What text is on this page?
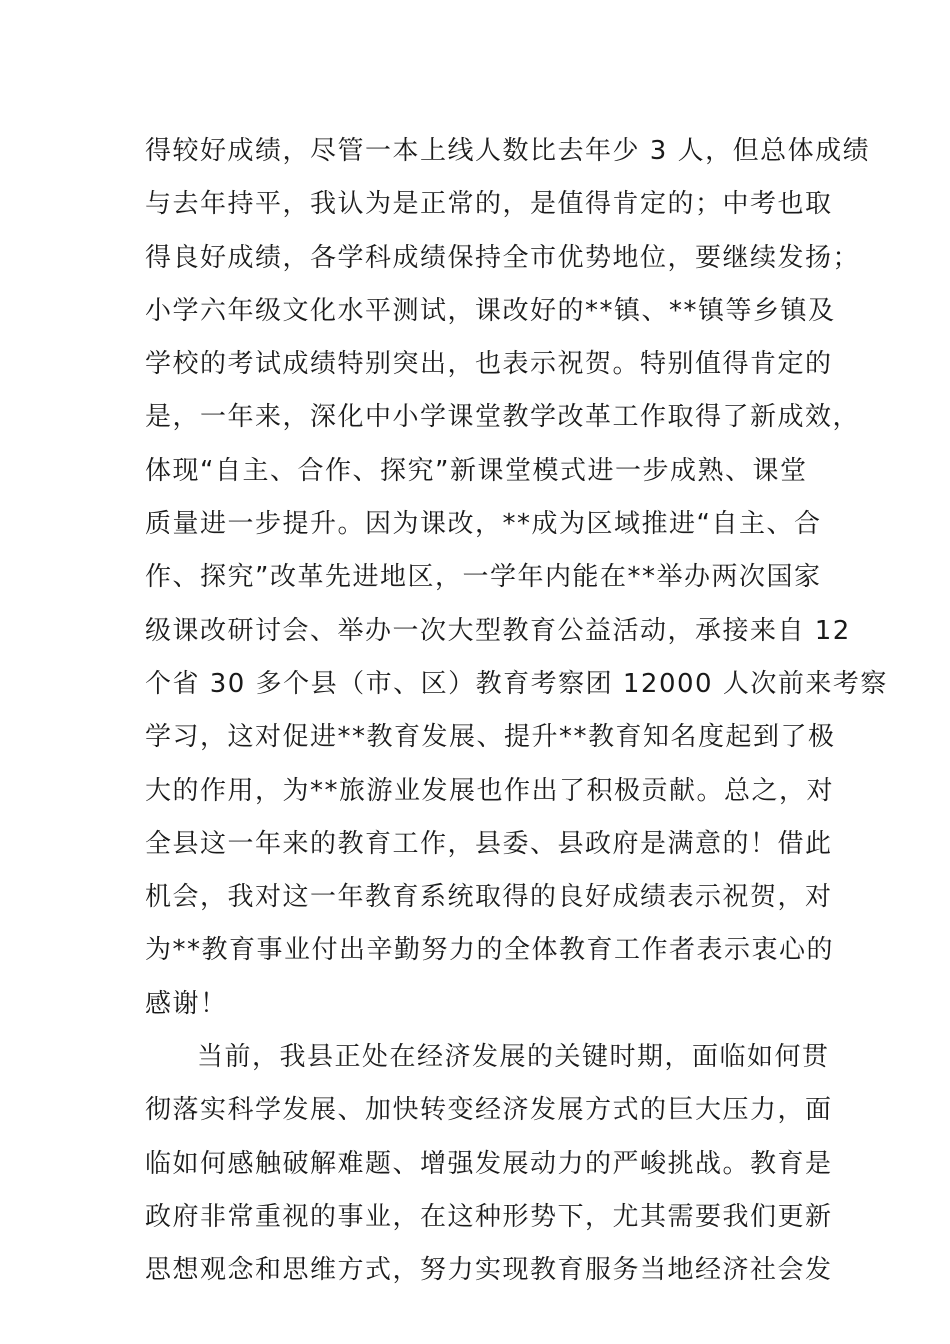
得较好成绩，尽管一本上线人数比去年少 3 人，但总体成绩
与去年持平，我认为是正常的，是值得肯定的；中考也取
得良好成绩，各学科成绩保持全市优势地位，要继续发扬；
小学六年级文化水平测试，课改好的**镇、**镇等乡镇及
学校的考试成绩特别突出，也表示祝贺。特别值得肯定的
是，一年来，深化中小学课堂教学改革工作取得了新成效，
体现“自主、合作、探究”新课堂模式进一步成熟、课堂
质量进一步提升。因为课改，**成为区域推进“自主、合
作、探究”改革先进地区，一学年内能在**举办两次国家
级课改研讨会、举办一次大型教育公益活动，承接来自 12
个省 30 多个县（市、区）教育考察团 12000 人次前来考察
学习，这对促进**教育发展、提升**教育知名度起到了极
大的作用，为**旅游业发展也作出了积极贡献。总之，对
全县这一年来的教育工作，县委、县政府是满意的！借此
机会，我对这一年教育系统取得的良好成绩表示祝贺，对
为**教育事业付出辛勤努力的全体教育工作者表示衷心的
感谢！
当前，我县正处在经济发展的关键时期，面临如何贯
彻落实科学发展、加快转变经济发展方式的巨大压力，面
临如何感触破解难题、增强发展动力的严峻挑战。教育是
政府非常重视的事业，在这种形势下，尤其需要我们更新
思想观念和思维方式，努力实现教育服务当地经济社会发
